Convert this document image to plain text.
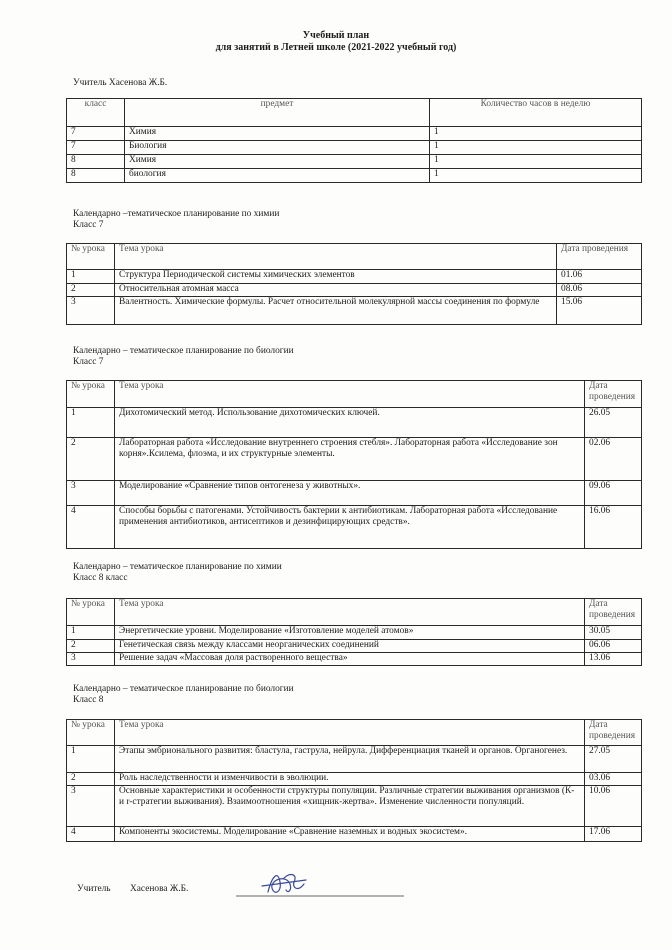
Учебный план
для занятий в Летней школе (2021-2022 учебный год)
Учитель Хасенова Ж.Б.
класс	предмет	Количество часов в неделю
7	Химия	1
7	Биология	1
8	Химия	1
8	биология	1
Календарно –тематическое планирование по химии
Класс 7
№ урока	Тема урока	Дата проведения
1	Структура Периодической системы химических элементов	01.06
2	Относительная атомная масса	08.06
3	Валентность. Химические формулы. Расчет относительной молекулярной массы соединения по формуле	15.06
Календарно – тематическое планирование по биологии
Класс 7
№ урока	Тема урока	Дата проведения
1	Дихотомический метод. Использование дихотомических ключей.	26.05
2	Лабораторная работа «Исследование внутреннего строения стебля». Лабораторная работа «Исследование зон корня».Ксилема, флоэма, и их структурные элементы.	02.06
3	Моделирование «Сравнение типов онтогенеза у животных».	09.06
4	Способы борьбы с патогенами. Устойчивость бактерии к антибиотикам. Лабораторная работа «Исследование применения антибиотиков, антисептиков и дезинфицирующих средств».	16.06
Календарно – тематическое планирование по химии
Класс 8 класс
№ урока	Тема урока	Дата проведения
1	Энергетические уровни. Моделирование «Изготовление моделей атомов»	30.05
2	Генетическая связь между классами неорганических соединений	06.06
3	Решение задач «Массовая доля растворенного вещества»	13.06
Календарно – тематическое планирование по биологии
Класс 8
№ урока	Тема урока	Дата проведения
1	Этапы эмбрионального развития: бластула, гаструла, нейрула. Дифференциация тканей и органов. Органогенез.	27.05
2	Роль наследственности и изменчивости в эволюции.	03.06
3	Основные характеристики и особенности структуры популяции. Различные стратегии выживания организмов (К- и r-стратегии выживания). Взаимоотношения «хищник-жертва». Изменение численности популяций.	10.06
4	Компоненты экосистемы. Моделирование «Сравнение наземных и водных экосистем».	17.06
Учитель Хасенова Ж.Б.
